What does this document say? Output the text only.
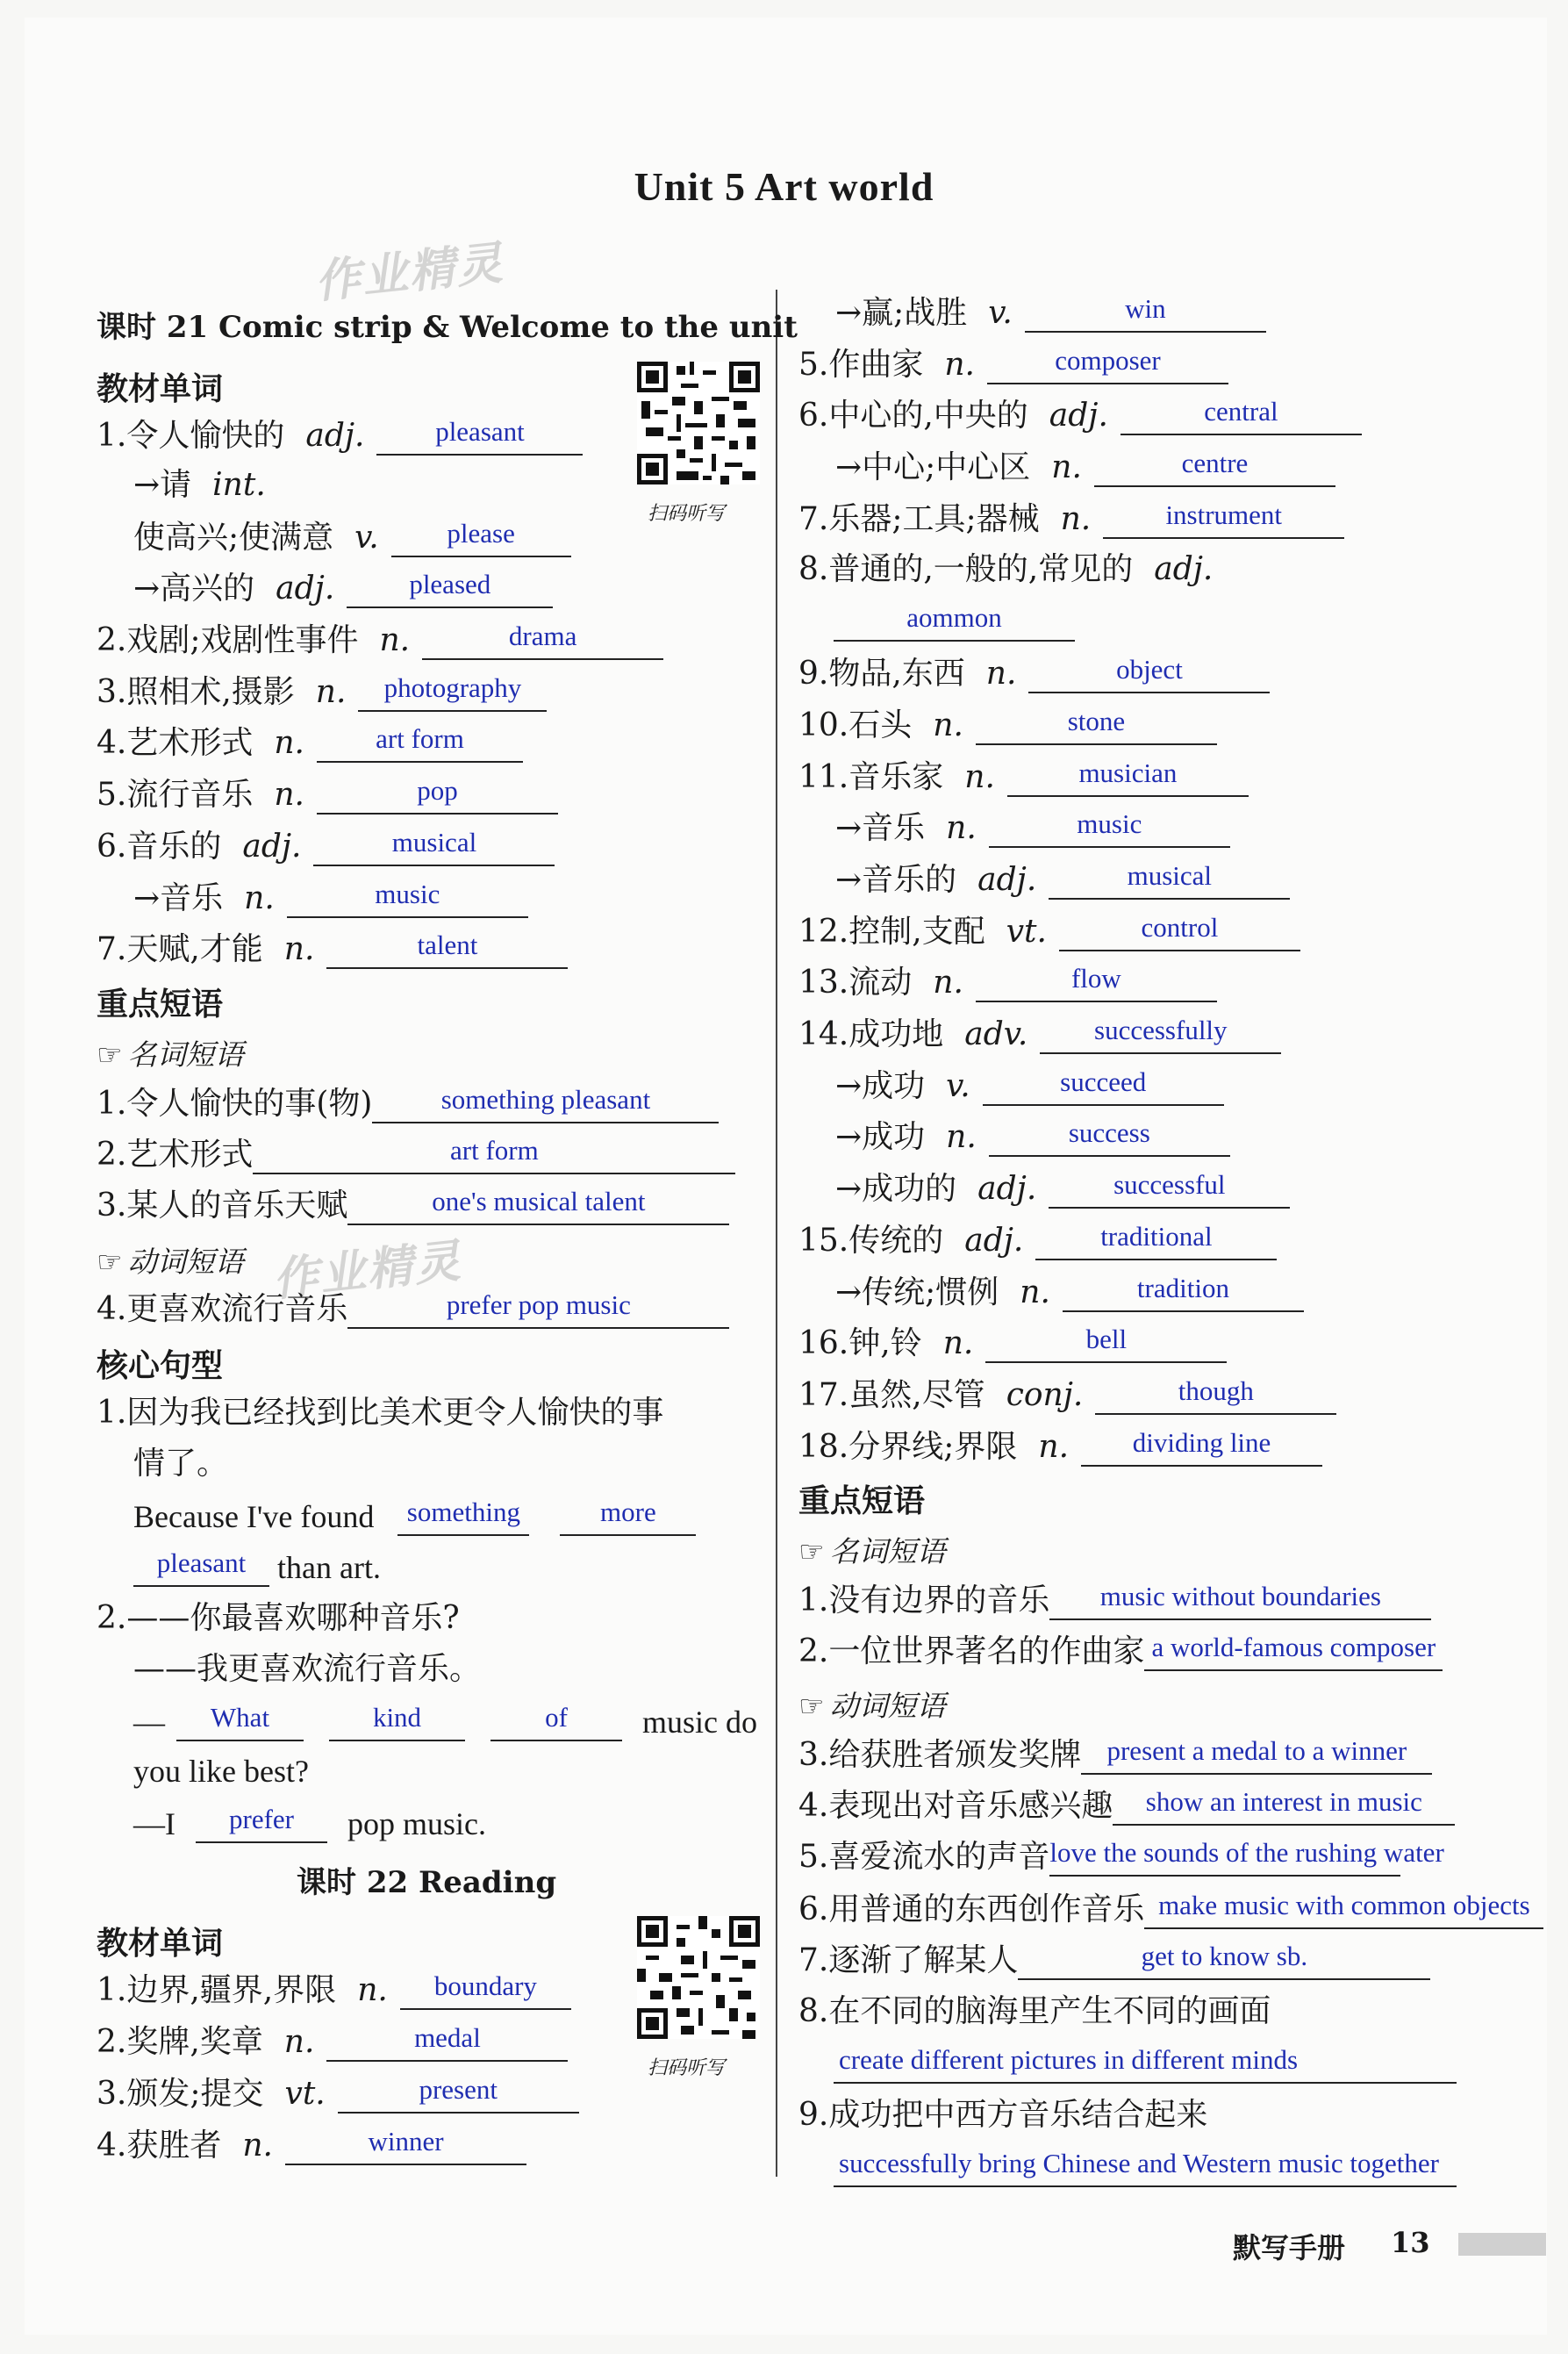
Unit 5 Art world
作业精灵
作业精灵
课时 21 Comic strip & Welcome to the unit
教材单词
扫码听写
1.令人愉快的 adj.	pleasant
→请 int.
使高兴;使满意 v.	please
→高兴的 adj.	pleased
2.戏剧;戏剧性事件 n.	drama
3.照相术,摄影 n.	photography
4.艺术形式 n.	art form
5.流行音乐 n.	pop
6.音乐的 adj.	musical
→音乐 n.	music
7.天赋,才能 n.	talent
重点短语
☞ 名词短语
1.令人愉快的事(物)	something pleasant
2.艺术形式	art form
3.某人的音乐天赋	one's musical talent
☞ 动词短语
4.更喜欢流行音乐	prefer pop music
核心句型
1.因为我已经找到比美术更令人愉快的事
情了。
Because I've found	something
	more
pleasant than art.
2.——你最喜欢哪种音乐?
——我更喜欢流行音乐。
—	What
	kind
	of	music do
you like best?
—I	prefer	pop music.
课时 22 Reading
教材单词
扫码听写
1.边界,疆界,界限 n.	boundary
2.奖牌,奖章 n.	medal
3.颁发;提交 vt.	present
4.获胜者 n.	winner
→赢;战胜 v.	win
5.作曲家 n.	composer
6.中心的,中央的 adj.	central
→中心;中心区 n.	centre
7.乐器;工具;器械 n.	instrument
8.普通的,一般的,常见的 adj.
aommon
9.物品,东西 n.	object
10.石头 n.	stone
11.音乐家 n.	musician
→音乐 n.	music
→音乐的 adj.	musical
12.控制,支配 vt.	control
13.流动 n.	flow
14.成功地 adv.	successfully
→成功 v.	succeed
→成功 n.	success
→成功的 adj.	successful
15.传统的 adj.	traditional
→传统;惯例 n.	tradition
16.钟,铃 n.	bell
17.虽然,尽管 conj.	though
18.分界线;界限 n.	dividing line
重点短语
☞ 名词短语
1.没有边界的音乐	music without boundaries
2.一位世界著名的作曲家 a world-famous composer
☞ 动词短语
3.给获胜者颁发奖牌 present a medal to a winner
4.表现出对音乐感兴趣	show an interest in music
5.喜爱流水的声音 love the sounds of the rushing water
6.用普通的东西创作音乐 make music with common objects
7.逐渐了解某人	get to know sb.
8.在不同的脑海里产生不同的画面
create different pictures in different minds
9.成功把中西方音乐结合起来
successfully bring Chinese and Western music together
默写手册 13
